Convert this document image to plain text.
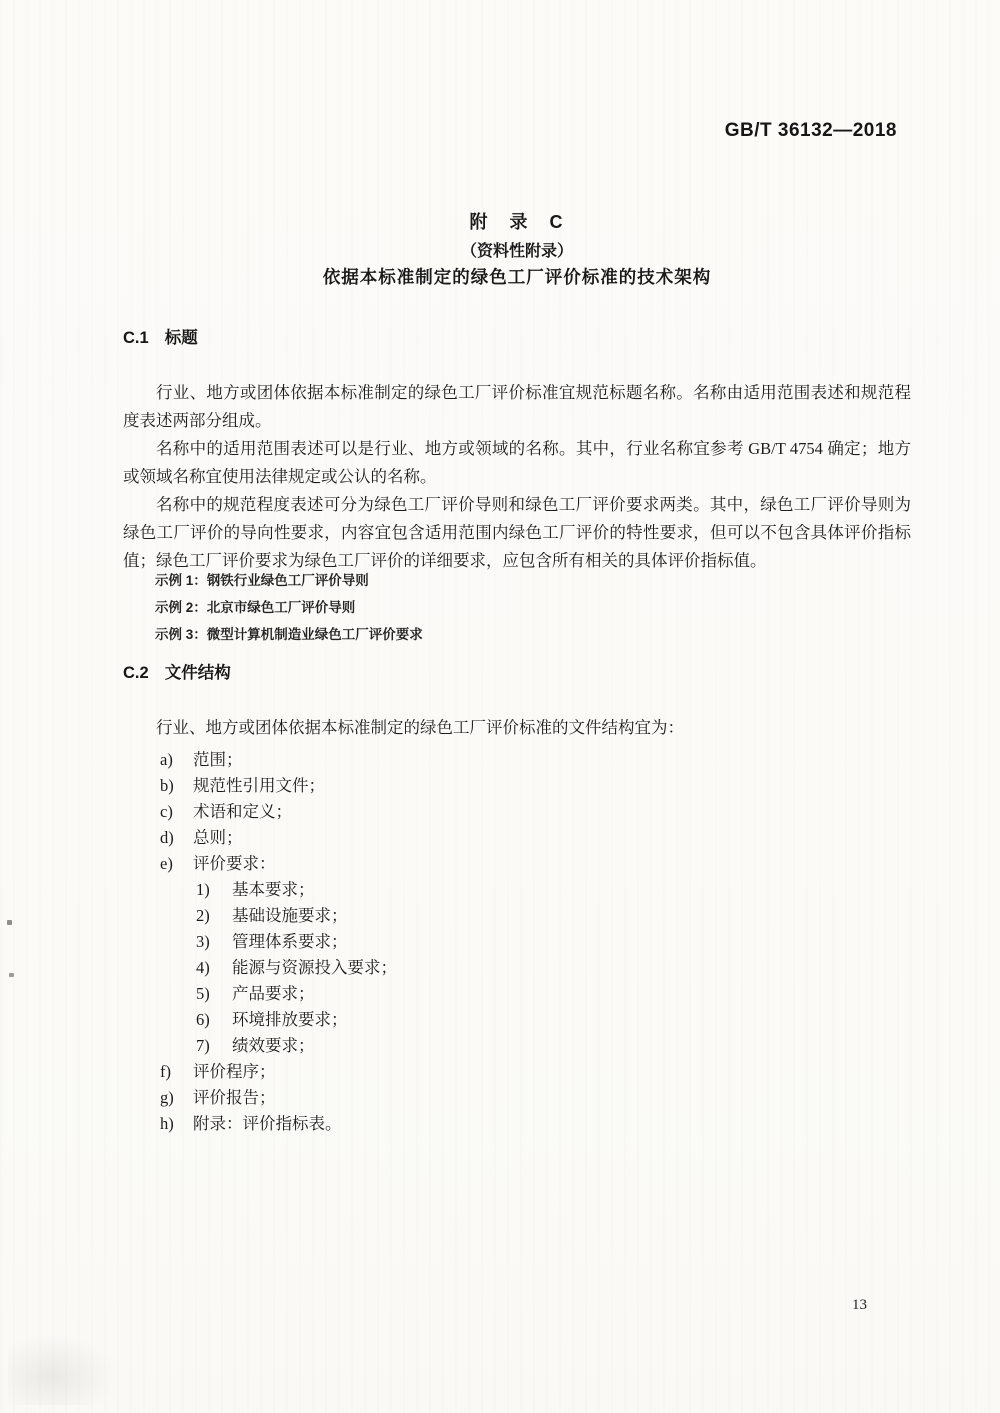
GB/T 36132—2018
附　录　C
（资料性附录）
依据本标准制定的绿色工厂评价标准的技术架构
C.1 标题

行业、地方或团体依据本标准制定的绿色工厂评价标准宜规范标题名称。名称由适用范围表述和规范程度表述两部分组成。

名称中的适用范围表述可以是行业、地方或领域的名称。其中，行业名称宜参考 GB/T 4754 确定；地方或领域名称宜使用法律规定或公认的名称。

名称中的规范程度表述可分为绿色工厂评价导则和绿色工厂评价要求两类。其中，绿色工厂评价导则为绿色工厂评价的导向性要求，内容宜包含适用范围内绿色工厂评价的特性要求，但可以不包含具体评价指标值；绿色工厂评价要求为绿色工厂评价的详细要求，应包含所有相关的具体评价指标值。

示例 1：钢铁行业绿色工厂评价导则
示例 2：北京市绿色工厂评价导则
示例 3：微型计算机制造业绿色工厂评价要求
C.2 文件结构

行业、地方或团体依据本标准制定的绿色工厂评价标准的文件结构宜为：

a)	范围；
b)	规范性引用文件；
c)	术语和定义；
d)	总则；
e)	评价要求：
1)	基本要求；
2)	基础设施要求；
3)	管理体系要求；
4)	能源与资源投入要求；
5)	产品要求；
6)	环境排放要求；
7)	绩效要求；
f)	评价程序；
g)	评价报告；
h)	附录：评价指标表。
13
